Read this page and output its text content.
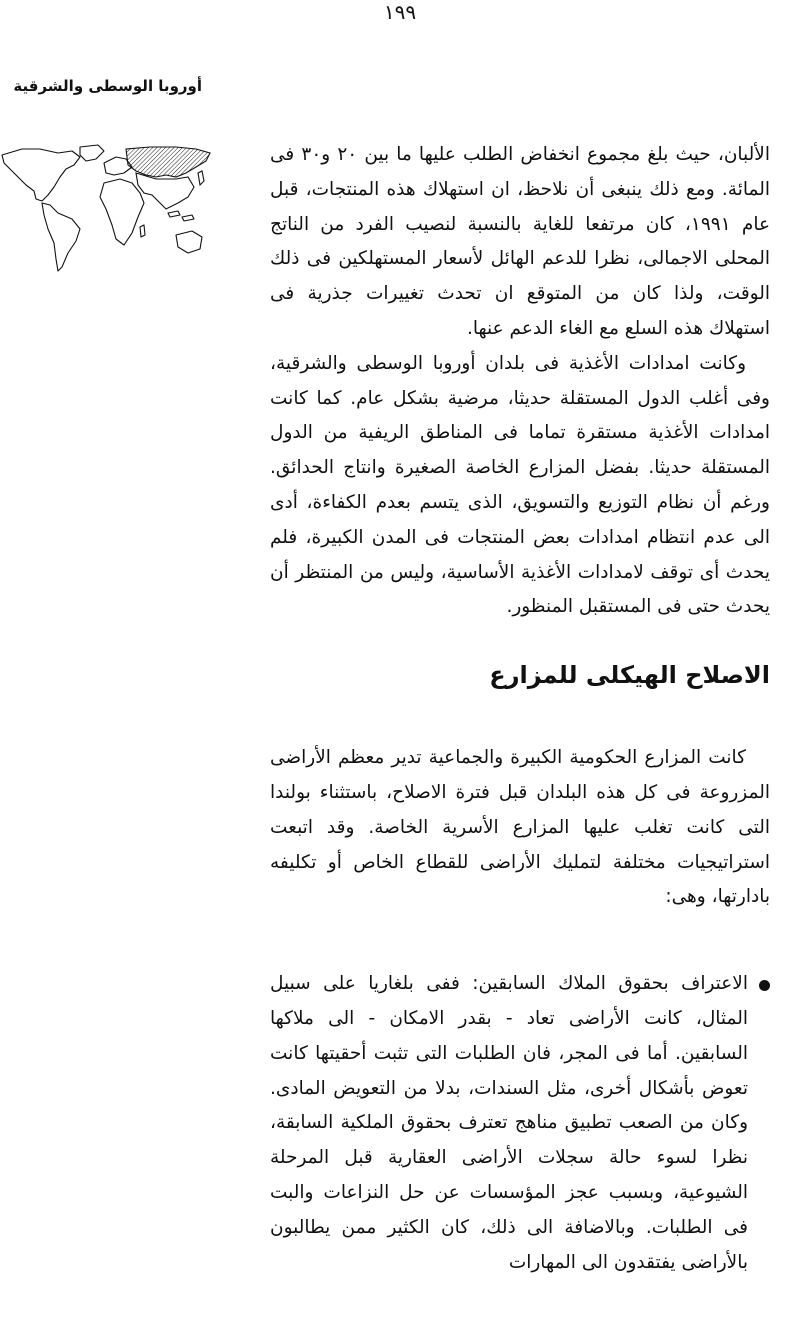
١٩٩
أوروبا الوسطى والشرقية

الألبان، حيث بلغ مجموع انخفاض الطلب عليها ما بين ٢٠ و٣٠ فى المائة. ومع ذلك ينبغى أن نلاحظ، ان استهلاك هذه المنتجات، قبل عام ١٩٩١، كان مرتفعا للغاية بالنسبة لنصيب الفرد من الناتج المحلى الاجمالى، نظرا للدعم الهائل لأسعار المستهلكين فى ذلك الوقت، ولذا كان من المتوقع ان تحدث تغييرات جذرية فى استهلاك هذه السلع مع الغاء الدعم عنها.

وكانت امدادات الأغذية فى بلدان أوروبا الوسطى والشرقية، وفى أغلب الدول المستقلة حديثا، مرضية بشكل عام. كما كانت امدادات الأغذية مستقرة تماما فى المناطق الريفية من الدول المستقلة حديثا. بفضل المزارع الخاصة الصغيرة وانتاج الحدائق. ورغم أن نظام التوزيع والتسويق، الذى يتسم بعدم الكفاءة، أدى الى عدم انتظام امدادات بعض المنتجات فى المدن الكبيرة، فلم يحدث أى توقف لامدادات الأغذية الأساسية، وليس من المنتظر أن يحدث حتى فى المستقبل المنظور.

الاصلاح الهيكلى للمزارع

كانت المزارع الحكومية الكبيرة والجماعية تدير معظم الأراضى المزروعة فى كل هذه البلدان قبل فترة الاصلاح، باستثناء بولندا التى كانت تغلب عليها المزارع الأسرية الخاصة. وقد اتبعت استراتيجيات مختلفة لتمليك الأراضى للقطاع الخاص أو تكليفه بادارتها، وهى:

الاعتراف بحقوق الملاك السابقين: ففى بلغاريا على سبيل المثال، كانت الأراضى تعاد - بقدر الامكان - الى ملاكها السابقين. أما فى المجر، فان الطلبات التى تثبت أحقيتها كانت تعوض بأشكال أخرى، مثل السندات، بدلا من التعويض المادى. وكان من الصعب تطبيق مناهج تعترف بحقوق الملكية السابقة، نظرا لسوء حالة سجلات الأراضى العقارية قبل المرحلة الشيوعية، وبسبب عجز المؤسسات عن حل النزاعات والبت فى الطلبات. وبالاضافة الى ذلك، كان الكثير ممن يطالبون بالأراضى يفتقدون الى المهارات
